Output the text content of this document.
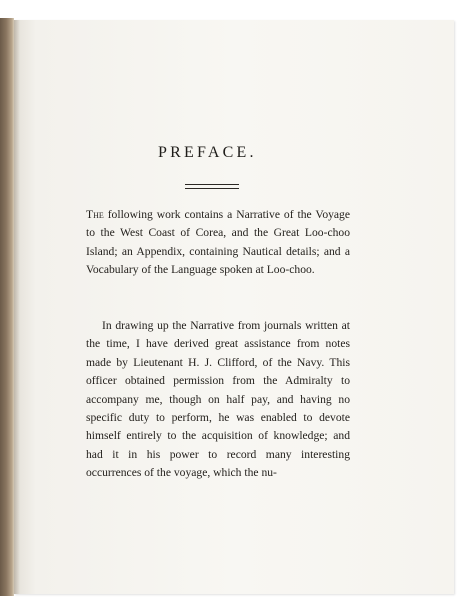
PREFACE.
The following work contains a Narrative of the Voyage to the West Coast of Corea, and the Great Loo-choo Island; an Appendix, containing Nautical details; and a Vocabulary of the Language spoken at Loo-choo.
In drawing up the Narrative from journals written at the time, I have derived great assistance from notes made by Lieutenant H. J. Clifford, of the Navy. This officer obtained permission from the Admiralty to accompany me, though on half pay, and having no specific duty to perform, he was enabled to devote himself entirely to the acquisition of knowledge; and had it in his power to record many interesting occurrences of the voyage, which the nu-
